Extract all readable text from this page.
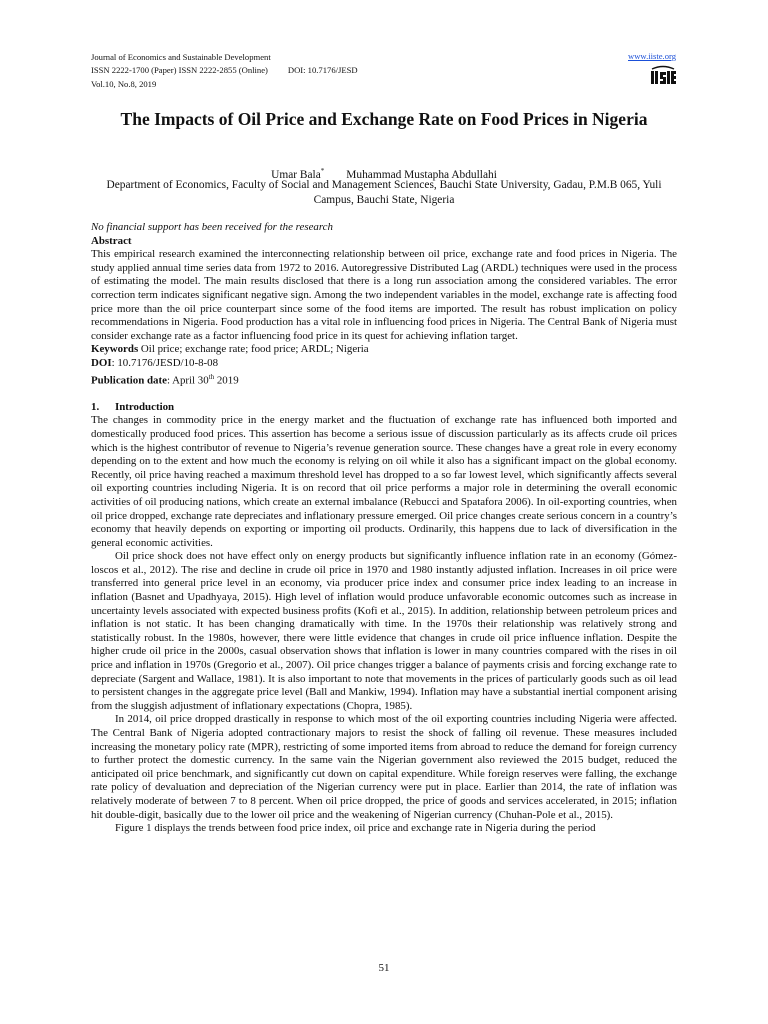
Journal of Economics and Sustainable Development
ISSN 2222-1700 (Paper) ISSN 2222-2855 (Online) DOI: 10.7176/JESD
Vol.10, No.8, 2019
www.iiste.org
The Impacts of Oil Price and Exchange Rate on Food Prices in Nigeria
Umar Bala* Muhammad Mustapha Abdullahi
Department of Economics, Faculty of Social and Management Sciences, Bauchi State University, Gadau, P.M.B 065, Yuli Campus, Bauchi State, Nigeria

No financial support has been received for the research

Abstract

This empirical research examined the interconnecting relationship between oil price, exchange rate and food prices in Nigeria. The study applied annual time series data from 1972 to 2016. Autoregressive Distributed Lag (ARDL) techniques were used in the process of estimating the model. The main results disclosed that there is a long run association among the considered variables. The error correction term indicates significant negative sign. Among the two independent variables in the model, exchange rate is affecting food price more than the oil price counterpart since some of the food items are imported. The result has robust implication on policy recommendations in Nigeria. Food production has a vital role in influencing food prices in Nigeria. The Central Bank of Nigeria must consider exchange rate as a factor influencing food price in its quest for achieving inflation target.

Keywords Oil price; exchange rate; food price; ARDL; Nigeria

DOI: 10.7176/JESD/10-8-08

Publication date: April 30th 2019

1. Introduction

The changes in commodity price in the energy market and the fluctuation of exchange rate has influenced both imported and domestically produced food prices. This assertion has become a serious issue of discussion particularly as its affects crude oil prices which is the highest contributor of revenue to Nigeria’s revenue generation source. These changes have a great role in every economy depending on to the extent and how much the economy is relying on oil while it also has a significant impact on the global economy. Recently, oil price having reached a maximum threshold level has dropped to a so far lowest level, which significantly affects several oil exporting countries including Nigeria. It is on record that oil price performs a major role in determining the overall economic activities of oil producing nations, which create an external imbalance (Rebucci and Spatafora 2006). In oil-exporting countries, when oil price dropped, exchange rate depreciates and inflationary pressure emerged. Oil price changes create serious concern in a country’s economy that heavily depends on exporting or importing oil products. Ordinarily, this happens due to lack of diversification in the general economic activities.

Oil price shock does not have effect only on energy products but significantly influence inflation rate in an economy (Gómez-loscos et al., 2012). The rise and decline in crude oil price in 1970 and 1980 instantly adjusted inflation. Increases in oil price were transferred into general price level in an economy, via producer price index and consumer price index leading to an increase in inflation (Basnet and Upadhyaya, 2015). High level of inflation would produce unfavorable economic outcomes such as increase in uncertainty levels associated with expected business profits (Kofi et al., 2015). In addition, relationship between petroleum prices and inflation is not static. It has been changing dramatically with time. In the 1970s their relationship was relatively strong and statistically robust. In the 1980s, however, there were little evidence that changes in crude oil price influence inflation. Despite the higher crude oil price in the 2000s, casual observation shows that inflation is lower in many countries compared with the rises in oil price and inflation in 1970s (Gregorio et al., 2007). Oil price changes trigger a balance of payments crisis and forcing exchange rate to depreciate (Sargent and Wallace, 1981). It is also important to note that movements in the prices of particularly goods such as oil lead to persistent changes in the aggregate price level (Ball and Mankiw, 1994). Inflation may have a substantial inertial component arising from the sluggish adjustment of inflationary expectations (Chopra, 1985).

In 2014, oil price dropped drastically in response to which most of the oil exporting countries including Nigeria were affected. The Central Bank of Nigeria adopted contractionary majors to resist the shock of falling oil revenue. These measures included increasing the monetary policy rate (MPR), restricting of some imported items from abroad to reduce the demand for foreign currency to further protect the domestic currency. In the same vain the Nigerian government also reviewed the 2015 budget, reduced the anticipated oil price benchmark, and significantly cut down on capital expenditure. While foreign reserves were falling, the exchange rate policy of devaluation and depreciation of the Nigerian currency were put in place. Earlier than 2014, the rate of inflation was relatively moderate of between 7 to 8 percent. When oil price dropped, the price of goods and services accelerated, in 2015; inflation hit double-digit, basically due to the lower oil price and the weakening of Nigerian currency (Chuhan-Pole et al., 2015).

Figure 1 displays the trends between food price index, oil price and exchange rate in Nigeria during the period

51
